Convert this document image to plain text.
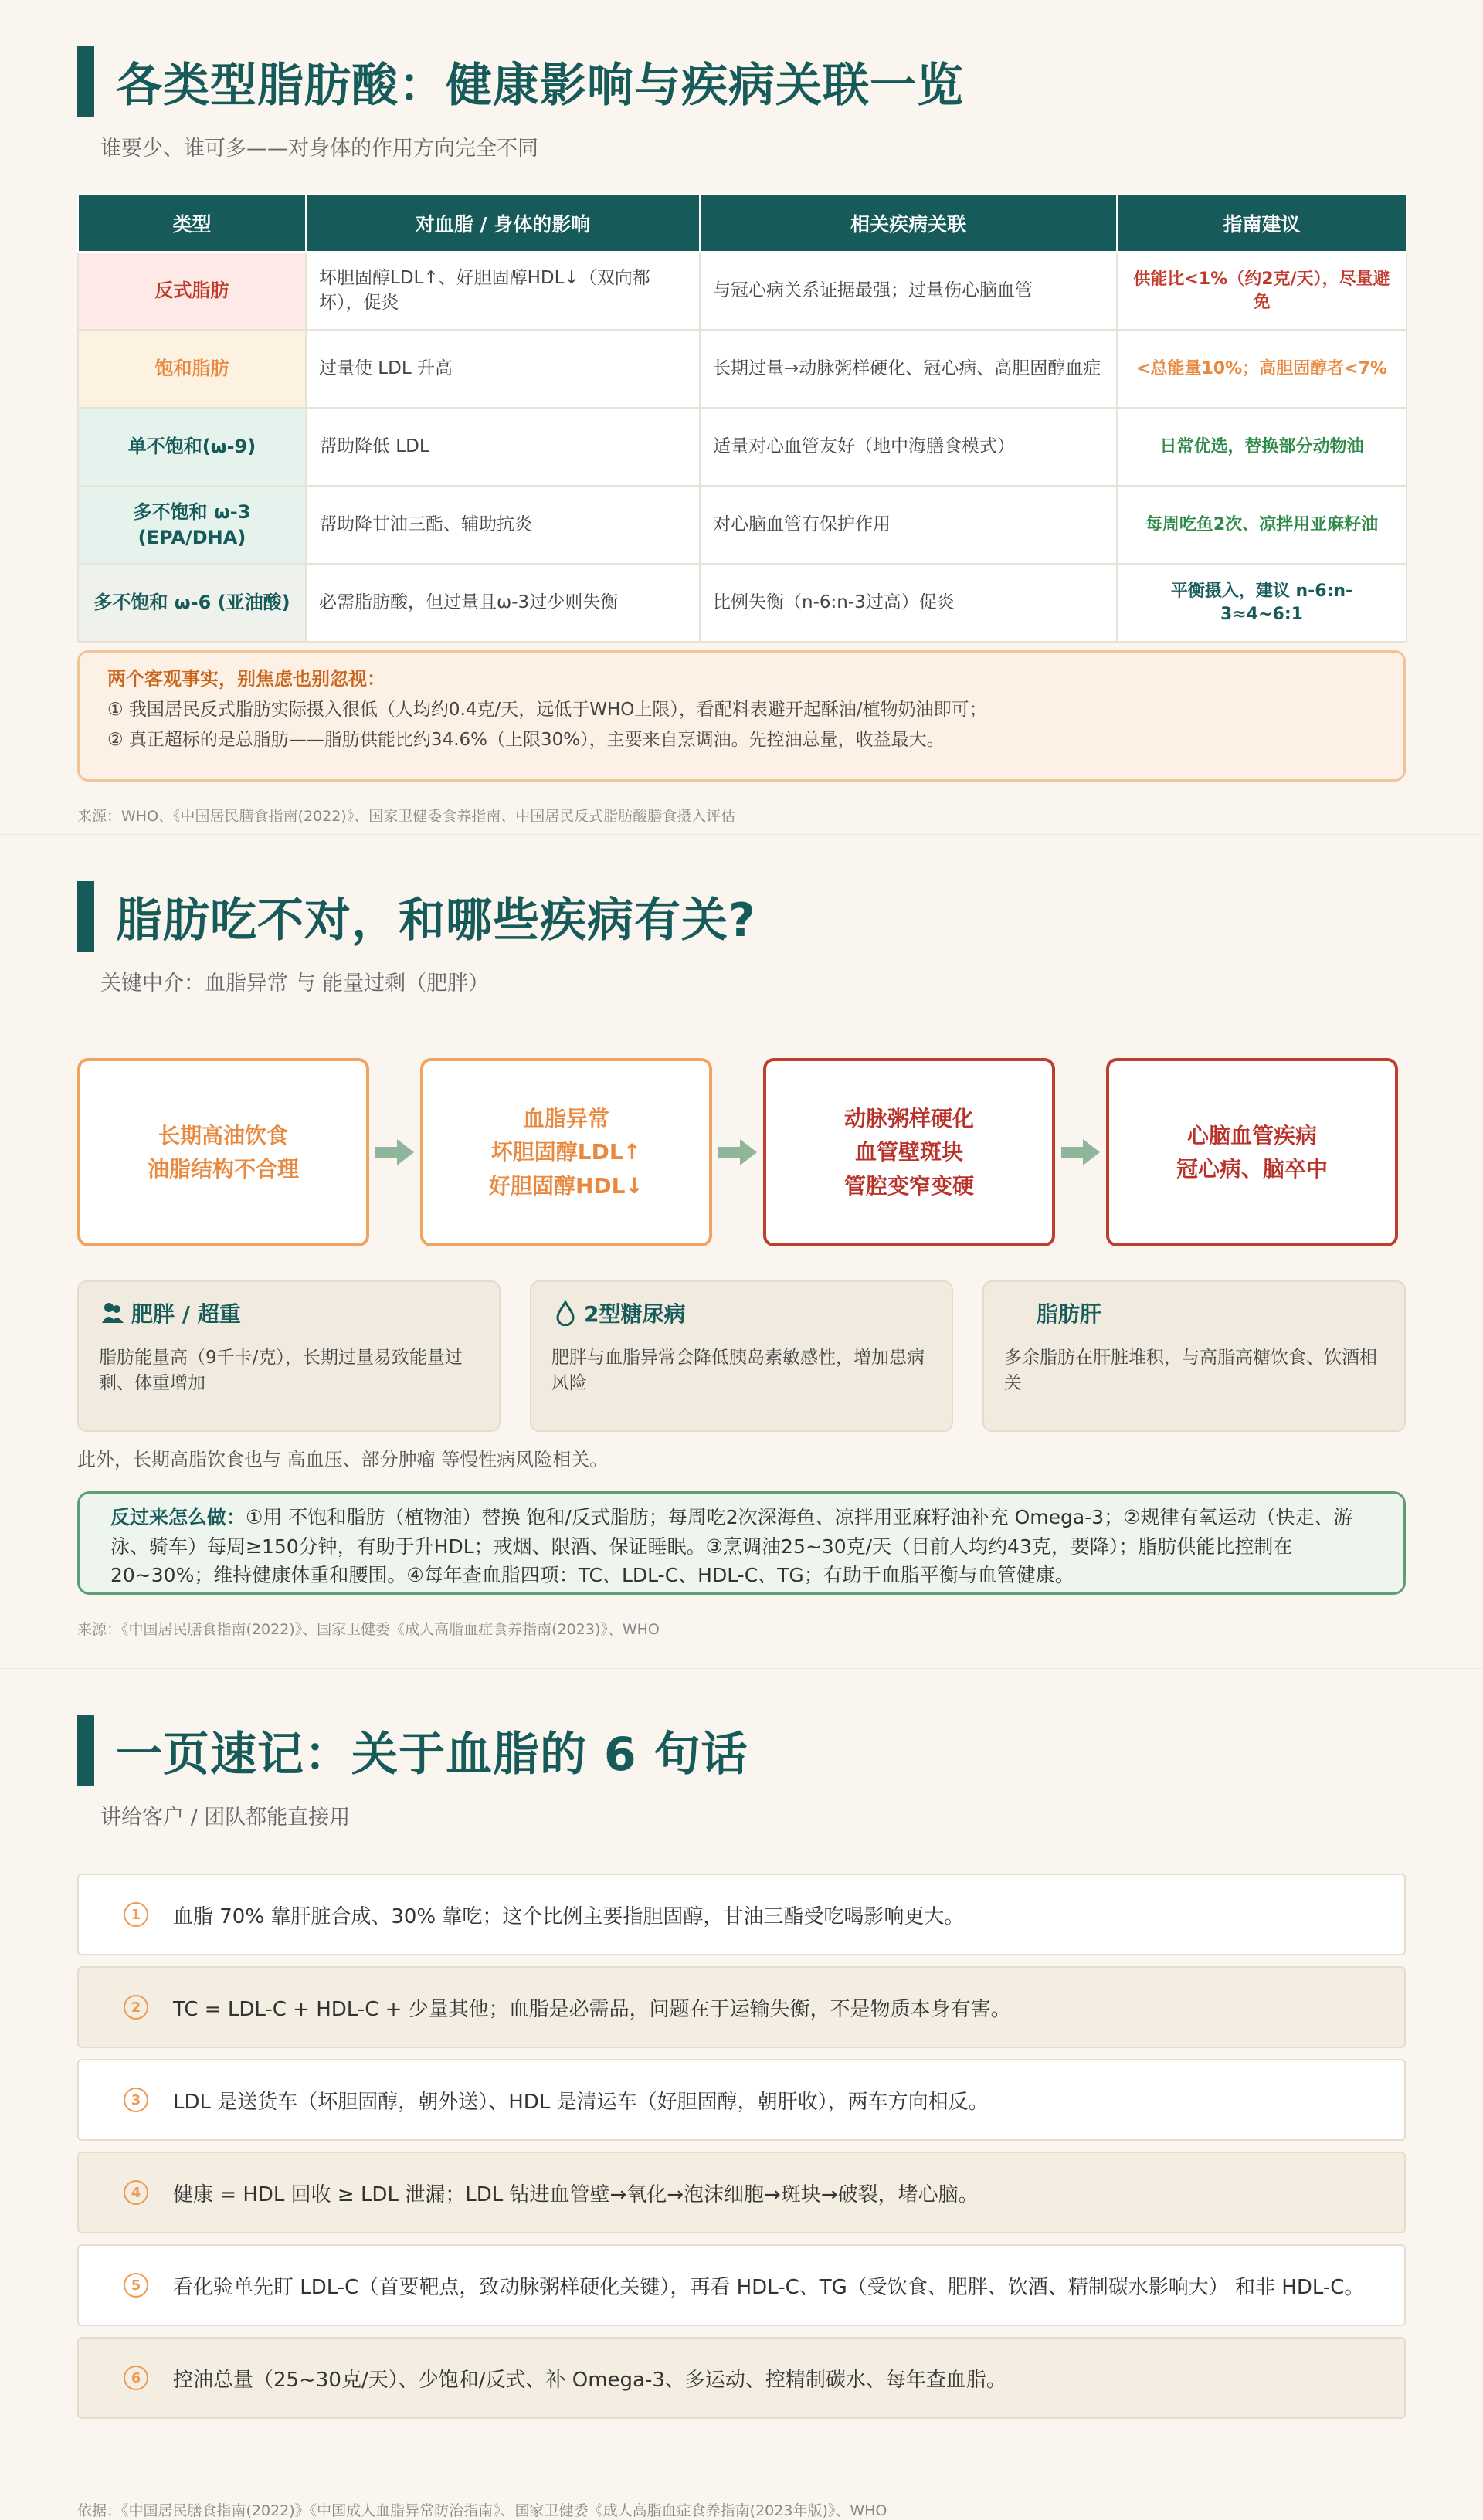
各类型脂肪酸：健康影响与疾病关联一览
谁要少、谁可多——对身体的作用方向完全不同
类型	对血脂 / 身体的影响	相关疾病关联	指南建议
反式脂肪	坏胆固醇LDL↑、好胆固醇HDL↓（双向都坏），促炎	与冠心病关系证据最强；过量伤心脑血管	供能比<1%（约2克/天），尽量避免
饱和脂肪	过量使 LDL 升高	长期过量→动脉粥样硬化、冠心病、高胆固醇血症	<总能量10%；高胆固醇者<7%
单不饱和(ω-9)	帮助降低 LDL	适量对心血管友好（地中海膳食模式）	日常优选，替换部分动物油
多不饱和 ω-3 (EPA/DHA)	帮助降甘油三酯、辅助抗炎	对心脑血管有保护作用	每周吃鱼2次、凉拌用亚麻籽油
多不饱和 ω-6 (亚油酸)	必需脂肪酸，但过量且ω-3过少则失衡	比例失衡（n-6:n-3过高）促炎	平衡摄入，建议 n-6:n-3≈4~6:1
两个客观事实，别焦虑也别忽视：
① 我国居民反式脂肪实际摄入很低（人均约0.4克/天，远低于WHO上限），看配料表避开起酥油/植物奶油即可；
② 真正超标的是总脂肪——脂肪供能比约34.6%（上限30%），主要来自烹调油。先控油总量，收益最大。
来源：WHO、《中国居民膳食指南(2022)》、国家卫健委食养指南、中国居民反式脂肪酸膳食摄入评估
脂肪吃不对，和哪些疾病有关?
关键中介：血脂异常 与 能量过剩（肥胖）
长期高油饮食
油脂结构不合理
血脂异常
坏胆固醇LDL↑
好胆固醇HDL↓
动脉粥样硬化
血管壁斑块
管腔变窄变硬
心脑血管疾病
冠心病、脑卒中
肥胖 / 超重
脂肪能量高（9千卡/克），长期过量易致能量过剩、体重增加
2型糖尿病
肥胖与血脂异常会降低胰岛素敏感性，增加患病风险
脂肪肝
多余脂肪在肝脏堆积，与高脂高糖饮食、饮酒相关
此外，长期高脂饮食也与 高血压、部分肿瘤 等慢性病风险相关。
反过来怎么做：①用 不饱和脂肪（植物油）替换 饱和/反式脂肪；每周吃2次深海鱼、凉拌用亚麻籽油补充 Omega-3；②规律有氧运动（快走、游泳、骑车）每周≥150分钟，有助于升HDL；戒烟、限酒、保证睡眠。③烹调油25~30克/天（目前人均约43克，要降）；脂肪供能比控制在20~30%；维持健康体重和腰围。④每年查血脂四项：TC、LDL-C、HDL-C、TG；有助于血脂平衡与血管健康。
来源：《中国居民膳食指南(2022)》、国家卫健委《成人高脂血症食养指南(2023)》、WHO
一页速记：关于血脂的 6 句话
讲给客户 / 团队都能直接用
1	血脂 70% 靠肝脏合成、30% 靠吃；这个比例主要指胆固醇，甘油三酯受吃喝影响更大。
2	TC = LDL-C + HDL-C + 少量其他；血脂是必需品，问题在于运输失衡，不是物质本身有害。
3	LDL 是送货车（坏胆固醇，朝外送）、HDL 是清运车（好胆固醇，朝肝收），两车方向相反。
4	健康 = HDL 回收 ≥ LDL 泄漏；LDL 钻进血管壁→氧化→泡沫细胞→斑块→破裂，堵心脑。
5	看化验单先盯 LDL-C（首要靶点，致动脉粥样硬化关键），再看 HDL-C、TG（受饮食、肥胖、饮酒、精制碳水影响大） 和非 HDL-C。
6	控油总量（25~30克/天）、少饱和/反式、补 Omega-3、多运动、控精制碳水、每年查血脂。
依据：《中国居民膳食指南(2022)》《中国成人血脂异常防治指南》、国家卫健委《成人高脂血症食养指南(2023年版)》、WHO
